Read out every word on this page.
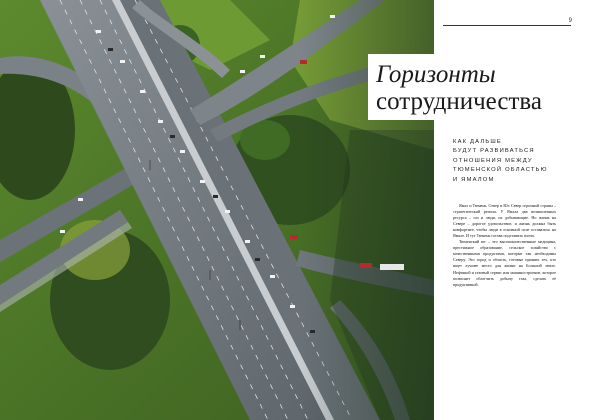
9
Горизонты
сотрудничества
КАК ДАЛЬШЕ
БУДУТ РАЗВИВАТЬСЯ
ОТНОШЕНИЯ МЕЖДУ
ТЮМЕНСКОЙ ОБЛАСТЬЮ
И ЯМАЛОМ

Ямал и Тюмень. Север и Юг. Север огромной страны – стратегический регион. У Ямала два великолепных ресурса – газ и люди, их добывающие. Но жизнь на Севере – дорогое удовольствие, и жизнь должна быть комфортнее, чтобы люди в основной силе оставались на Ямале. И тут Тюмень готова подставить плечо.

Тюменский юг – это высококачественные медицина, престижное образование, сельское хозяйство с качественными продуктами, которые так необходимы Северу. Это город и область, готовые принять тех, кто ищет лучшее место для жизни на Большой земле. Нефтяной и газовый сервис или машиностроение, которое позволяет облегчить добычу газа, сделать её продуктивной.
